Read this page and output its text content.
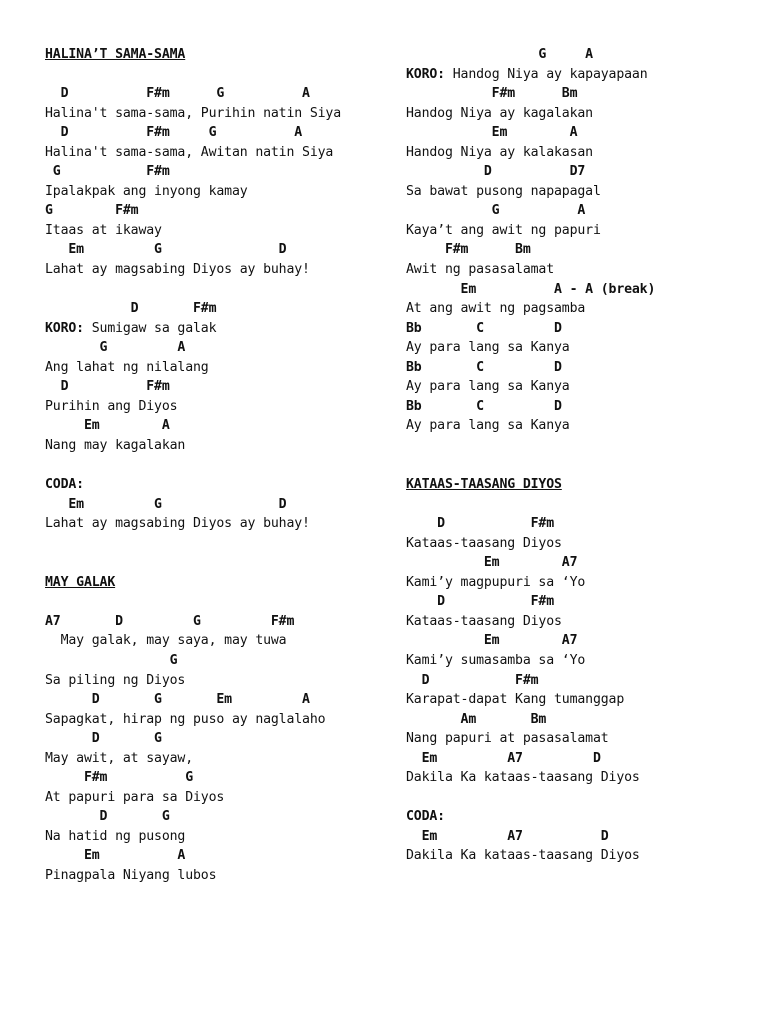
HALINA’T SAMA-SAMA
D          F#m      G          A
Halina't sama-sama, Purihin natin Siya
D          F#m     G          A
Halina't sama-sama, Awitan natin Siya
G           F#m
Ipalakpak ang inyong kamay
G        F#m
Itaas at ikaway
Em         G               D
Lahat ay magsabing Diyos ay buhay!
D       F#m
KORO: Sumigaw sa galak
G         A
Ang lahat ng nilalang
D          F#m
Purihin ang Diyos
Em        A
Nang may kagalakan
CODA:
Em         G               D
Lahat ay magsabing Diyos ay buhay!
MAY GALAK
A7       D         G         F#m
May galak, may saya, may tuwa
G
Sa piling ng Diyos
D       G       Em         A
Sapagkat, hirap ng puso ay naglalaho
D       G
May awit, at sayaw,
F#m          G
At papuri para sa Diyos
D       G
Na hatid ng pusong
Em          A
Pinagpala Niyang lubos
G     A
KORO: Handog Niya ay kapayapaan
F#m      Bm
Handog Niya ay kagalakan
Em        A
Handog Niya ay kalakasan
D          D7
Sa bawat pusong napapagal
G          A
Kaya’t ang awit ng papuri
F#m      Bm
Awit ng pasasalamat
Em          A - A (break)
At ang awit ng pagsamba
Bb       C         D
Ay para lang sa Kanya
Bb       C         D
Ay para lang sa Kanya
Bb       C         D
Ay para lang sa Kanya
KATAAS-TAASANG DIYOS
D           F#m
Kataas-taasang Diyos
Em        A7
Kami’y magpupuri sa ‘Yo
D           F#m
Kataas-taasang Diyos
Em        A7
Kami’y sumasamba sa ‘Yo
D           F#m
Karapat-dapat Kang tumanggap
Am       Bm
Nang papuri at pasasalamat
Em         A7         D
Dakila Ka kataas-taasang Diyos
CODA:
Em         A7          D
Dakila Ka kataas-taasang Diyos
